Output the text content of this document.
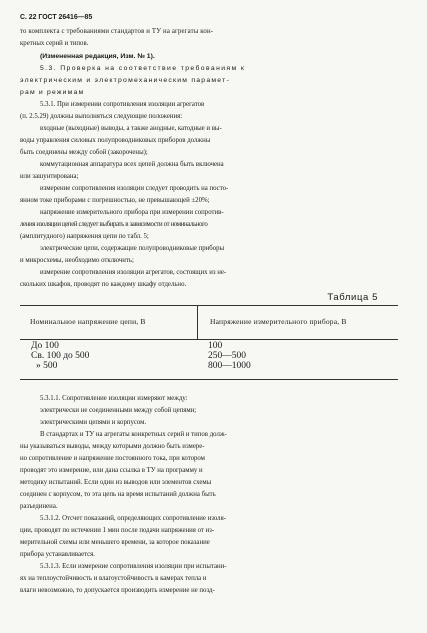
С. 22 ГОСТ 26416—85
то комплекта с требованиями стандартов и ТУ на агрегаты кон-
кретных серий и типов.
(Измененная редакция, Изм. № 1).
5.3. Проверка на соответствие требованиям к
электрическим и электромеханическим парамет-
рам и режимам
5.3.1. При измерении сопротивления изоляции агрегатов
(п. 2.5.29) должны выполняться следующие положения:
входные (выходные) выводы, а также анодные, катодные и вы-
воды управления силовых полупроводниковых приборов должны
быть соединены между собой (закорочены);
коммутационная аппаратура всех цепей должна быть включена
или зашунтирована;
измерение сопротивления изоляции следует проводить на посто-
янном токе приборами с погрешностью, не превышающей ±20%;
напряжение измерительного прибора при измерении сопротив-
ления изоляции цепей следует выбирать в зависимости от номинального
(амплитудного) напряжения цепи по табл. 5;
электрические цепи, содержащие полупроводниковые приборы
и микросхемы, необходимо отключить;
измерение сопротивления изоляции агрегатов, состоящих из не-
скольких шкафов, проводят по каждому шкафу отдельно.
Таблица 5
Номинальное напряжение цепи, В	Напряжение измерительного прибора, В
До 100	100
Св. 100 до 500	250—500
» 500	800—1000
5.3.1.1. Сопротивление изоляции измеряют между:
электрически не соединенными между собой цепями;
электрическими цепями и корпусом.
В стандартах и ТУ на агрегаты конкретных серий и типов долж-
ны указываться выводы, между которыми должно быть измере-
но сопротивление и напряжение постоянного тока, при котором
проводят это измерение, или дана ссылка в ТУ на программу и
методику испытаний. Если один из выводов или элементов схемы
соединен с корпусом, то эта цепь на время испытаний должна быть
разъединена.
5.3.1.2. Отсчет показаний, определяющих сопротивление изоля-
ции, проводят по истечении 1 мин после подачи напряжения от из-
мерительной схемы или меньшего времени, за которое показание
прибора устанавливается.
5.3.1.3. Если измерение сопротивления изоляции при испытани-
ях на теплоустойчивость и влагоустойчивость в камерах тепла и
влаги невозможно, то допускается производить измерение не позд-
